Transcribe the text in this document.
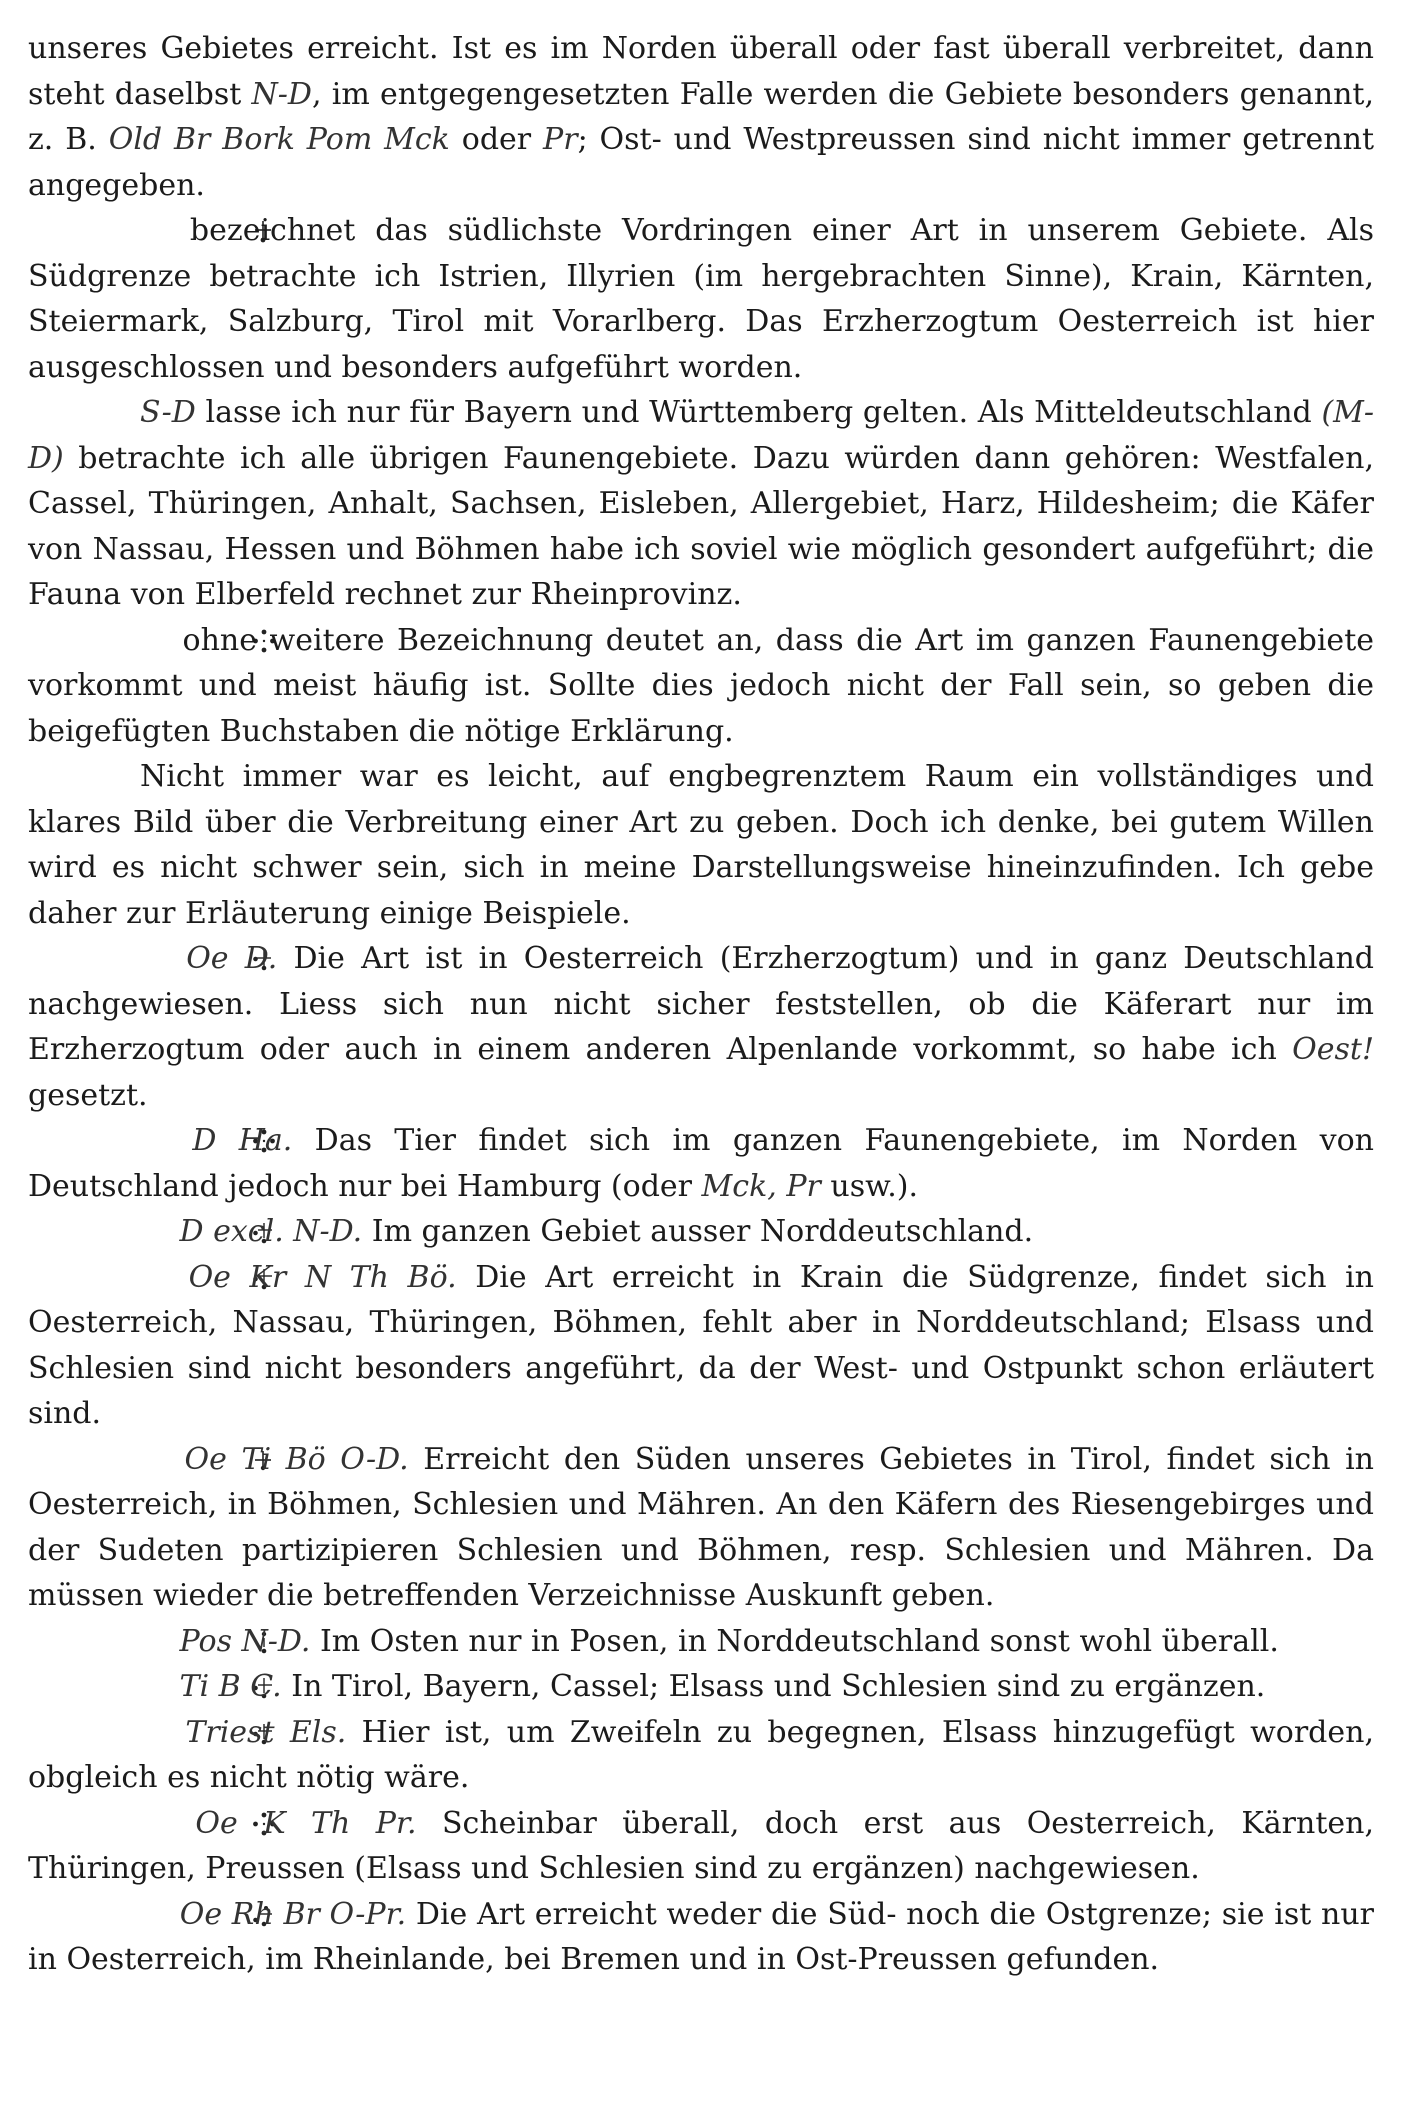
unseres Gebietes erreicht. Ist es im Norden überall oder fast überall verbreitet, dann steht daselbst N-D, im entgegengesetzten Falle werden die Gebiete besonders genannt, z. B. Old Br Bork Pom Mck oder Pr; Ost- und Westpreussen sind nicht immer getrennt angegeben.

bezeichnet das südlichste Vordringen einer Art in unserem Gebiete. Als Südgrenze betrachte ich Istrien, Illyrien (im hergebrachten Sinne), Krain, Kärnten, Steiermark, Salzburg, Tirol mit Vorarlberg. Das Erzherzogtum Oesterreich ist hier ausgeschlossen und besonders aufgeführt worden.

S-D lasse ich nur für Bayern und Württemberg gelten. Als Mitteldeutschland (M-D) betrachte ich alle übrigen Faunengebiete. Dazu würden dann gehören: Westfalen, Cassel, Thüringen, Anhalt, Sachsen, Eisleben, Allergebiet, Harz, Hildesheim; die Käfer von Nassau, Hessen und Böhmen habe ich soviel wie möglich gesondert aufgeführt; die Fauna von Elberfeld rechnet zur Rheinprovinz.

ohne weitere Bezeichnung deutet an, dass die Art im ganzen Faunengebiete vorkommt und meist häufig ist. Sollte dies jedoch nicht der Fall sein, so geben die beigefügten Buchstaben die nötige Erklärung.

Nicht immer war es leicht, auf engbegrenztem Raum ein vollständiges und klares Bild über die Verbreitung einer Art zu geben. Doch ich denke, bei gutem Willen wird es nicht schwer sein, sich in meine Darstellungsweise hineinzufinden. Ich gebe daher zur Erläuterung einige Beispiele.

Oe D. Die Art ist in Oesterreich (Erzherzogtum) und in ganz Deutschland nachgewiesen. Liess sich nun nicht sicher feststellen, ob die Käferart nur im Erzherzogtum oder auch in einem anderen Alpenlande vorkommt, so habe ich Oest! gesetzt.

D Ha. Das Tier findet sich im ganzen Faunengebiete, im Norden von Deutschland jedoch nur bei Hamburg (oder Mck, Pr usw.).

D excl. N-D. Im ganzen Gebiet ausser Norddeutschland.

Oe Kr N Th Bö. Die Art erreicht in Krain die Südgrenze, findet sich in Oesterreich, Nassau, Thüringen, Böhmen, fehlt aber in Norddeutschland; Elsass und Schlesien sind nicht besonders angeführt, da der West- und Ostpunkt schon erläutert sind.

Oe Ti Bö O-D. Erreicht den Süden unseres Gebietes in Tirol, findet sich in Oesterreich, in Böhmen, Schlesien und Mähren. An den Käfern des Riesengebirges und der Sudeten partizipieren Schlesien und Böhmen, resp. Schlesien und Mähren. Da müssen wieder die betreffenden Verzeichnisse Auskunft geben.

Pos N-D. Im Osten nur in Posen, in Norddeutschland sonst wohl überall.

Ti B C. In Tirol, Bayern, Cassel; Elsass und Schlesien sind zu ergänzen.

Triest Els. Hier ist, um Zweifeln zu begegnen, Elsass hinzugefügt worden, obgleich es nicht nötig wäre.

Oe K Th Pr. Scheinbar überall, doch erst aus Oesterreich, Kärnten, Thüringen, Preussen (Elsass und Schlesien sind zu ergänzen) nachgewiesen.

Oe Rh Br O-Pr. Die Art erreicht weder die Süd- noch die Ostgrenze; sie ist nur in Oesterreich, im Rheinlande, bei Bremen und in Ost-Preussen gefunden.
